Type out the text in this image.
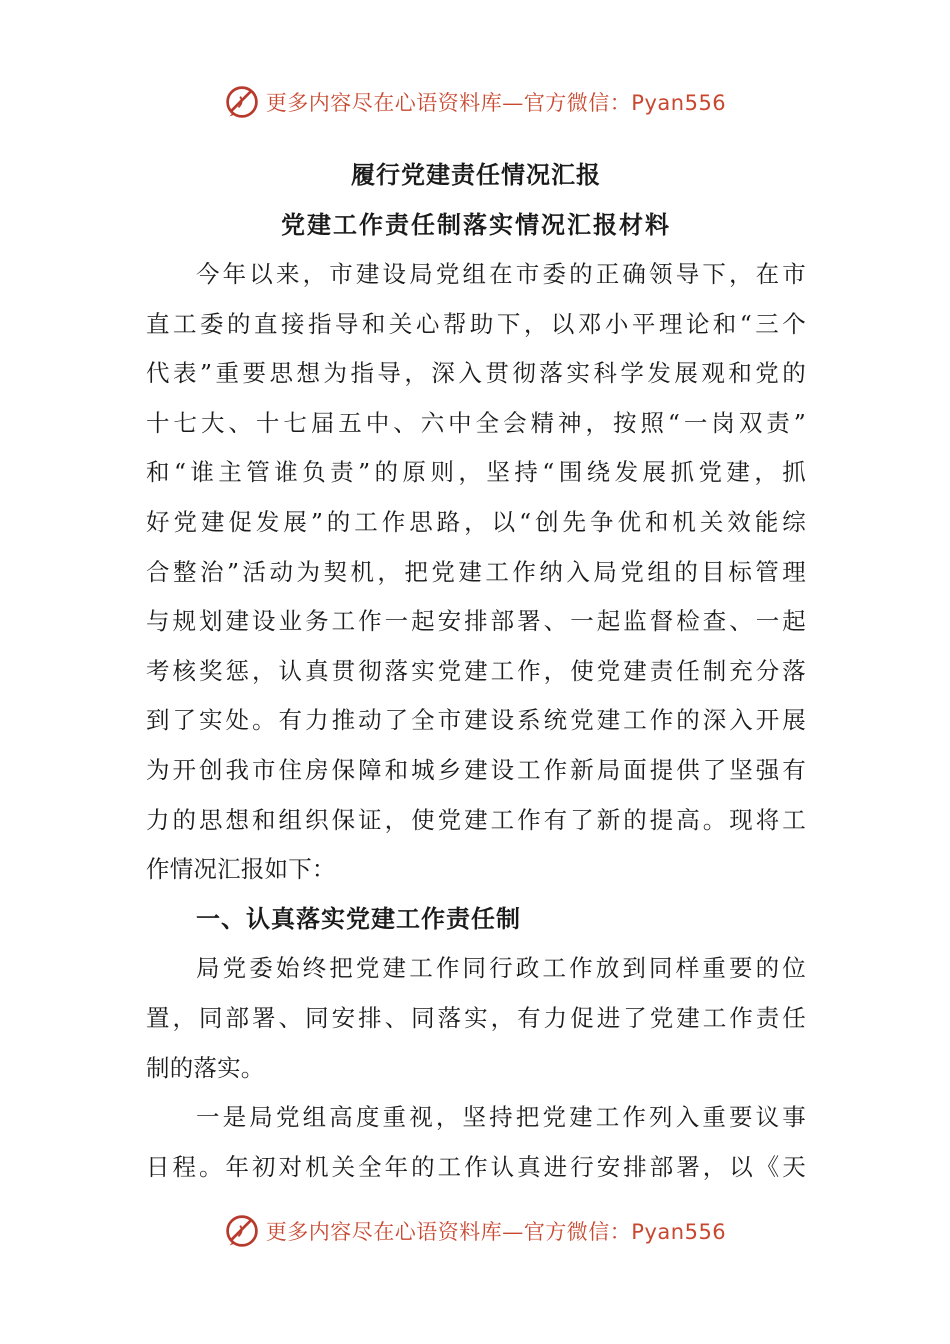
更多内容尽在心语资料库— 官方微信：Pyan556
履行党建责任情况汇报
党建工作责任制落实情况汇报材料
今年以来，市建设局党组在市委的正确领导下，在市
直工委的直接指导和关心帮助下，以邓小平理论和“三个
代表”重要思想为指导，深入贯彻落实科学发展观和党的
十七大、十七届五中、六中全会精神，按照“一岗双责”
和“谁主管谁负责”的原则，坚持“围绕发展抓党建，抓
好党建促发展”的工作思路，以“创先争优和机关效能综
合整治”活动为契机，把党建工作纳入局党组的目标管理
与规划建设业务工作一起安排部署、一起监督检查、一起
考核奖惩，认真贯彻落实党建工作，使党建责任制充分落
到了实处。有力推动了全市建设系统党建工作的深入开展
为开创我市住房保障和城乡建设工作新局面提供了坚强有
力的思想和组织保证，使党建工作有了新的提高。现将工
作情况汇报如下：
一、认真落实党建工作责任制
局党委始终把党建工作同行政工作放到同样重要的位
置，同部署、同安排、同落实，有力促进了党建工作责任
制的落实。
一是局党组高度重视，坚持把党建工作列入重要议事
日程。年初对机关全年的工作认真进行安排部署，以《天
更多内容尽在心语资料库— 官方微信：Pyan556
